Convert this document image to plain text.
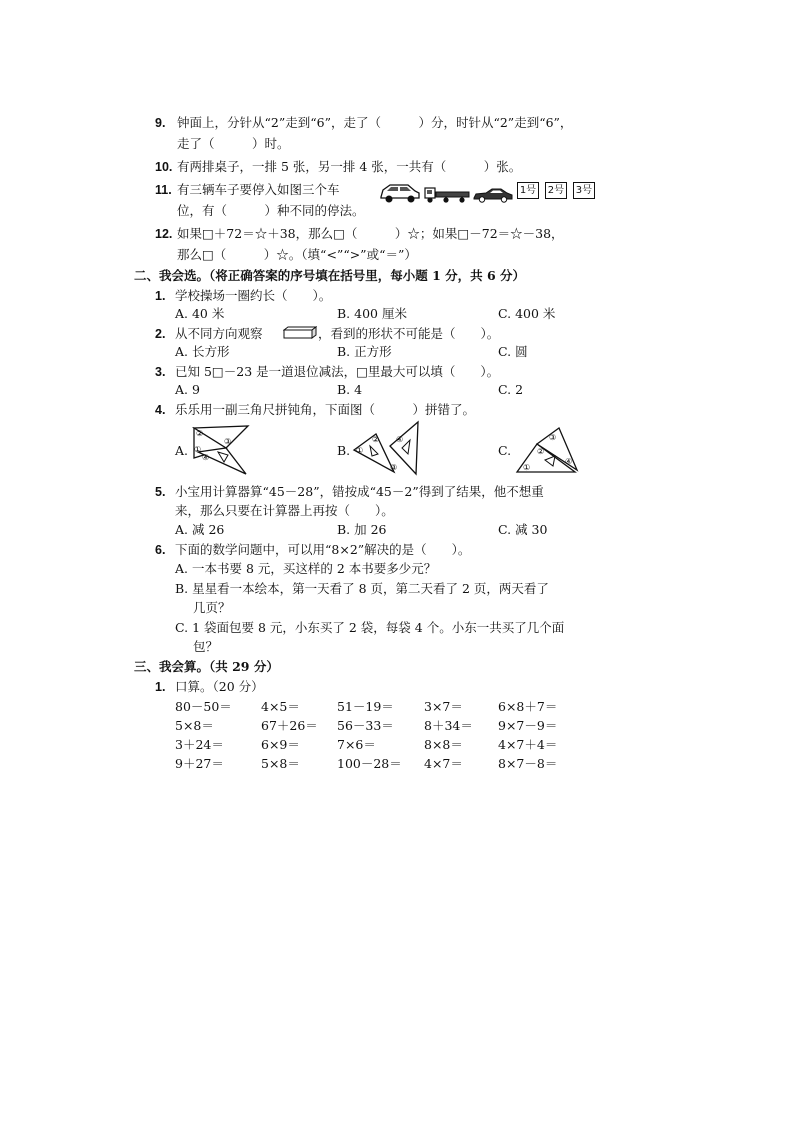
9. 钟面上，分针从“2”走到“6”，走了（　　　）分，时针从“2”走到“6”，
走了（　　　）时。
10. 有两排桌子，一排 5 张，另一排 4 张，一共有（　　　）张。
11. 有三辆车子要停入如图三个车
位，有（　　　）种不同的停法。
1号 2号 3号
12. 如果□＋72＝☆＋38，那么□（　　　）☆；如果□－72＝☆－38，
那么□（　　　）☆。（填“<”“>”或“＝”）
二、我会选。（将正确答案的序号填在括号里，每小题 1 分，共 6 分）
1. 学校操场一圈约长（　　）。
A. 40 米	B. 400 厘米	C. 400 米
2. 从不同方向观察	，看到的形状不可能是（　　）。
A. 长方形	B. 正方形	C. 圆
3. 已知 5□－23 是一道退位减法，□里最大可以填（　　）。
A. 9	B. 4	C. 2
4. 乐乐用一副三角尺拼钝角，下面图（　　　）拼错了。
A.	B.	C.
②
①
④
③
①
②
③
④
①
②
③
④
5. 小宝用计算器算“45－28”，错按成“45－2”得到了结果，他不想重
来，那么只要在计算器上再按（　　）。
A. 减 26	B. 加 26	C. 减 30
6. 下面的数学问题中，可以用“8×2”解决的是（　　）。
A. 一本书要 8 元，买这样的 2 本书要多少元？
B. 星星看一本绘本，第一天看了 8 页，第二天看了 2 页，两天看了
几页？
C. 1 袋面包要 8 元，小东买了 2 袋，每袋 4 个。小东一共买了几个面
包？
三、我会算。（共 29 分）
1. 口算。（20 分）
80－50＝ 4×5＝	51－19＝ 3×7＝	6×8＋7＝
5×8＝	67＋26＝ 56－33＝ 8＋34＝ 9×7－9＝
3＋24＝	6×9＝	7×6＝	8×8＝	4×7＋4＝
9＋27＝	5×8＝	100－28＝ 4×7＝	8×7－8＝
